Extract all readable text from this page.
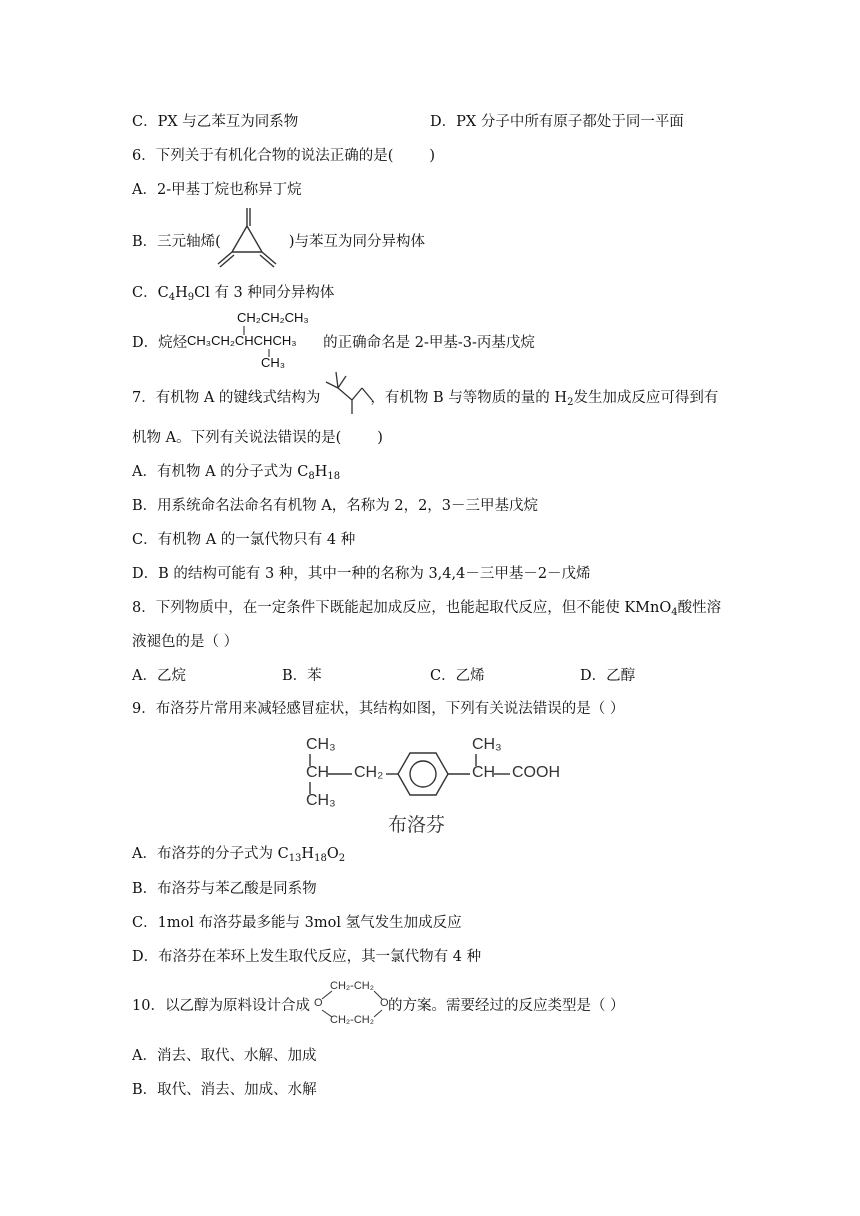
C．PX 与乙苯互为同系物	D．PX 分子中所有原子都处于同一平面
6．下列关于有机化合物的说法正确的是( )
A．2-甲基丁烷也称异丁烷
B．三元轴烯(	)与苯互为同分异构体
C．$C_4H_9Cl$ 有 3 种同分异构体
D．烷烃	的正确命名是 2-甲基-3-丙基戊烷
CH₂CH₂CH₃
CH₃CH₂CHCHCH₃
CH₃
7．有机物 A 的键线式结构为	，有机物 B 与等物质的量的 $H_2$发生加成反应可得到有
机物 A。下列有关说法错误的是( )
A．有机物 A 的分子式为 $C_8H_{18}$
B．用系统命名法命名有机物 A，名称为 2，2，3－三甲基戊烷
C．有机物 A 的一氯代物只有 4 种
D．B 的结构可能有 3 种，其中一种的名称为 3,4,4－三甲基－2－戊烯
8．下列物质中，在一定条件下既能起加成反应，也能起取代反应，但不能使 KMnO$_4$酸性溶
液褪色的是（ ）
A．乙烷	B．苯	C．乙烯	D．乙醇
9．布洛芬片常用来减轻感冒症状，其结构如图，下列有关说法错误的是（ ）
CH₃
CH
CH₃
CH₂
CH₃
CH COOH
布洛芬
A．布洛芬的分子式为 $C_{13}H_{18}O_2$
B．布洛芬与苯乙酸是同系物
C．1mol 布洛芬最多能与 3mol 氢气发生加成反应
D．布洛芬在苯环上发生取代反应，其一氯代物有 4 种
10．以乙醇为原料设计合成	的方案。需要经过的反应类型是（ ）
CH₂-CH₂
O	O
CH₂-CH₂
A．消去、取代、水解、加成
B．取代、消去、加成、水解
